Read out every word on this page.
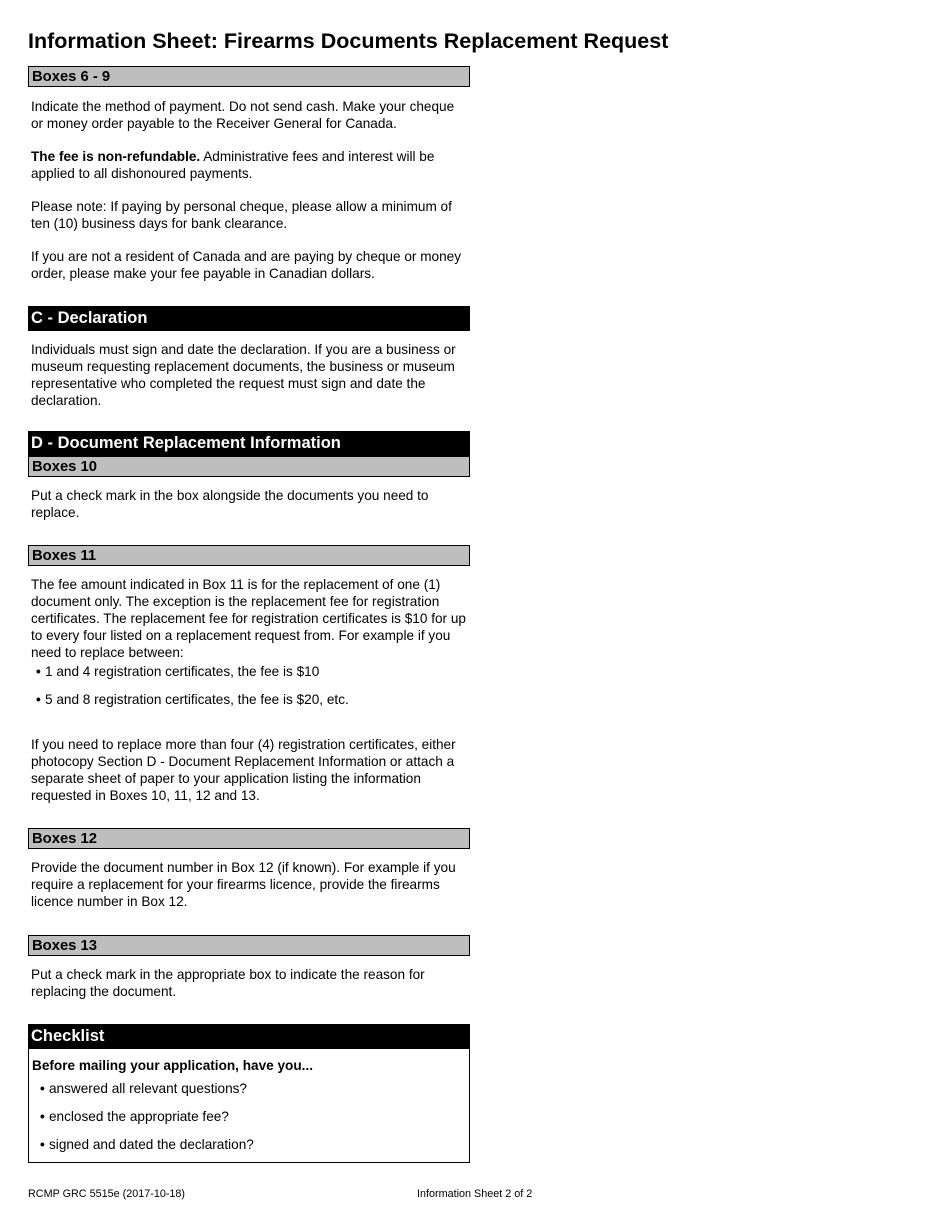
Information Sheet: Firearms Documents Replacement Request
Boxes 6 - 9

Indicate the method of payment. Do not send cash. Make your cheque or money order payable to the Receiver General for Canada.

The fee is non-refundable. Administrative fees and interest will be applied to all dishonoured payments.

Please note: If paying by personal cheque, please allow a minimum of ten (10) business days for bank clearance.

If you are not a resident of Canada and are paying by cheque or money order, please make your fee payable in Canadian dollars.

C - Declaration

Individuals must sign and date the declaration. If you are a business or museum requesting replacement documents, the business or museum representative who completed the request must sign and date the declaration.

D - Document Replacement Information
Boxes 10

Put a check mark in the box alongside the documents you need to replace.

Boxes 11

The fee amount indicated in Box 11 is for the replacement of one (1) document only. The exception is the replacement fee for registration certificates. The replacement fee for registration certificates is $10 for up to every four listed on a replacement request from. For example if you need to replace between:

• 1 and 4 registration certificates, the fee is $10
• 5 and 8 registration certificates, the fee is $20, etc.

If you need to replace more than four (4) registration certificates, either photocopy Section D - Document Replacement Information or attach a separate sheet of paper to your application listing the information requested in Boxes 10, 11, 12 and 13.

Boxes 12

Provide the document number in Box 12 (if known). For example if you require a replacement for your firearms licence, provide the firearms licence number in Box 12.

Boxes 13

Put a check mark in the appropriate box to indicate the reason for replacing the document.

Checklist
Before mailing your application, have you...
• answered all relevant questions?
• enclosed the appropriate fee?
• signed and dated the declaration?
RCMP GRC 5515e (2017-10-18)	Information Sheet 2 of 2
